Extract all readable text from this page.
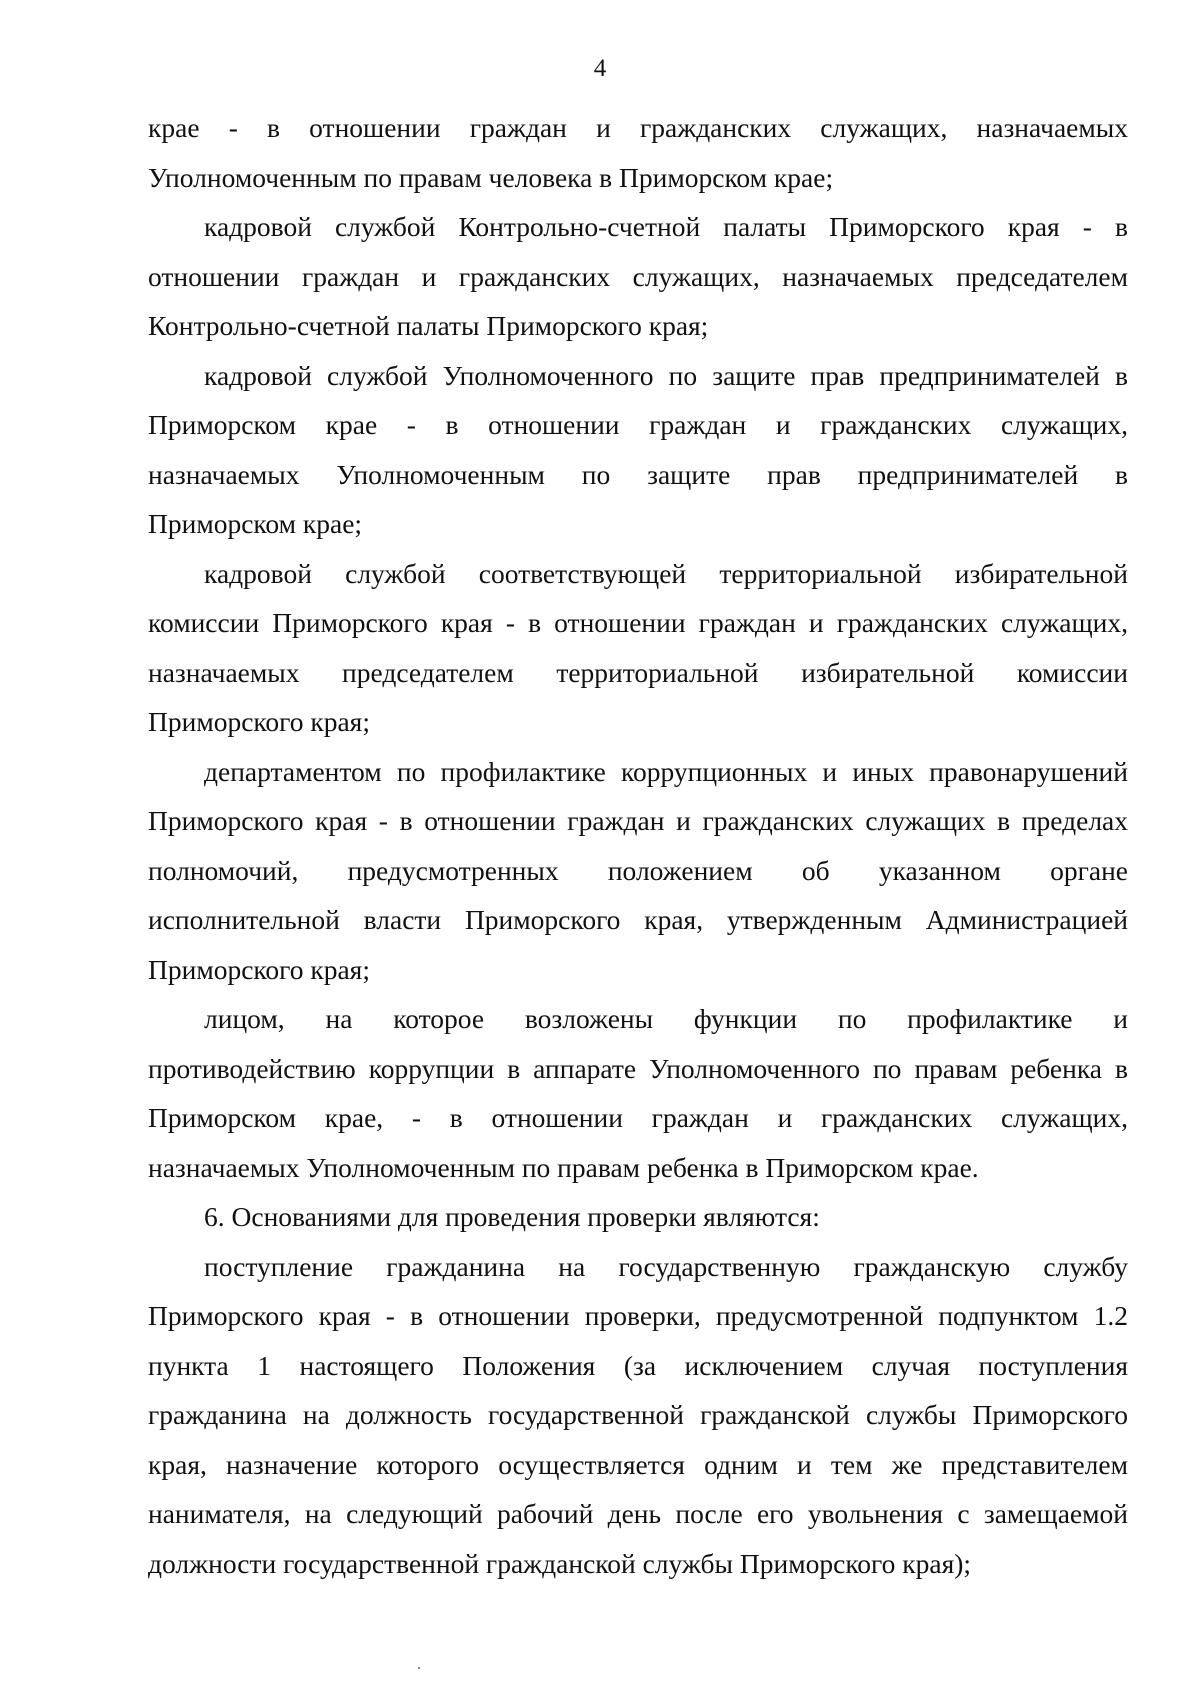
4
крае - в отношении граждан и гражданских служащих, назначаемых
Уполномоченным по правам человека в Приморском крае;
кадровой службой Контрольно-счетной палаты Приморского края - в
отношении граждан и гражданских служащих, назначаемых председателем
Контрольно-счетной палаты Приморского края;
кадровой службой Уполномоченного по защите прав предпринимателей в
Приморском крае - в отношении граждан и гражданских служащих,
назначаемых Уполномоченным по защите прав предпринимателей в
Приморском крае;
кадровой службой соответствующей территориальной избирательной
комиссии Приморского края - в отношении граждан и гражданских служащих,
назначаемых председателем территориальной избирательной комиссии
Приморского края;
департаментом по профилактике коррупционных и иных правонарушений
Приморского края - в отношении граждан и гражданских служащих в пределах
полномочий, предусмотренных положением об указанном органе
исполнительной власти Приморского края, утвержденным Администрацией
Приморского края;
лицом, на которое возложены функции по профилактике и
противодействию коррупции в аппарате Уполномоченного по правам ребенка в
Приморском крае, - в отношении граждан и гражданских служащих,
назначаемых Уполномоченным по правам ребенка в Приморском крае.
6. Основаниями для проведения проверки являются:
поступление гражданина на государственную гражданскую службу
Приморского края - в отношении проверки, предусмотренной подпунктом 1.2
пункта 1 настоящего Положения (за исключением случая поступления
гражданина на должность государственной гражданской службы Приморского
края, назначение которого осуществляется одним и тем же представителем
нанимателя, на следующий рабочий день после его увольнения с замещаемой
должности государственной гражданской службы Приморского края);
